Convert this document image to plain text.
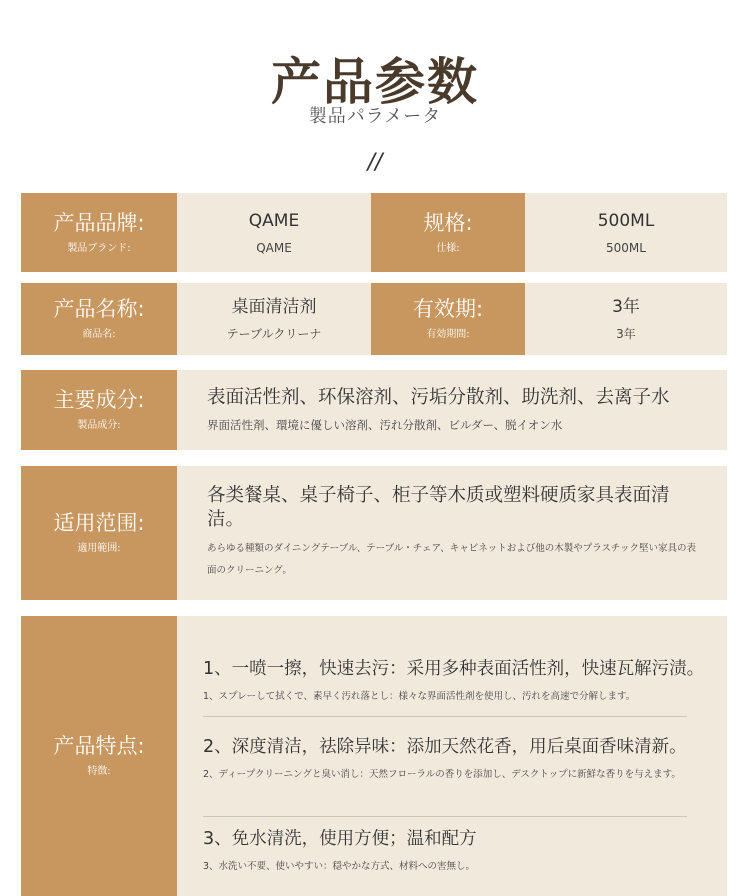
产品参数
製品パラメータ
//
产品品牌:
製品ブランド:
QAME
QAME
规格:
仕様:
500ML
500ML
产品名称:
商品名:
桌面清洁剂
テーブルクリーナ
有效期:
有効期間:
3年
3年
主要成分:
製品成分:
表面活性剂、环保溶剂、污垢分散剂、助洗剂、去离子水
界面活性剤、環境に優しい溶剤、汚れ分散剤、ビルダー、脱イオン水
适用范围:
適用範囲:
各类餐桌、桌子椅子、柜子等木质或塑料硬质家具表面清洁。
あらゆる種類のダイニングテーブル、テーブル・チェア、キャビネットおよび他の木製やプラスチック堅い家具の表面のクリーニング。
产品特点:
特徴:
1、一喷一擦，快速去污：采用多种表面活性剂，快速瓦解污渍。
1、スプレーして拭くで、素早く汚れ落とし：様々な界面活性剤を使用し、汚れを高速で分解します。
2、深度清洁，祛除异味：添加天然花香，用后桌面香味清新。
2、ディープクリーニングと臭い消し：天然フローラルの香りを添加し、デスクトップに新鮮な香りを与えます。
3、免水清洗，使用方便；温和配方
3、水洗い不要、使いやすい：穏やかな方式、材料への害無し。
